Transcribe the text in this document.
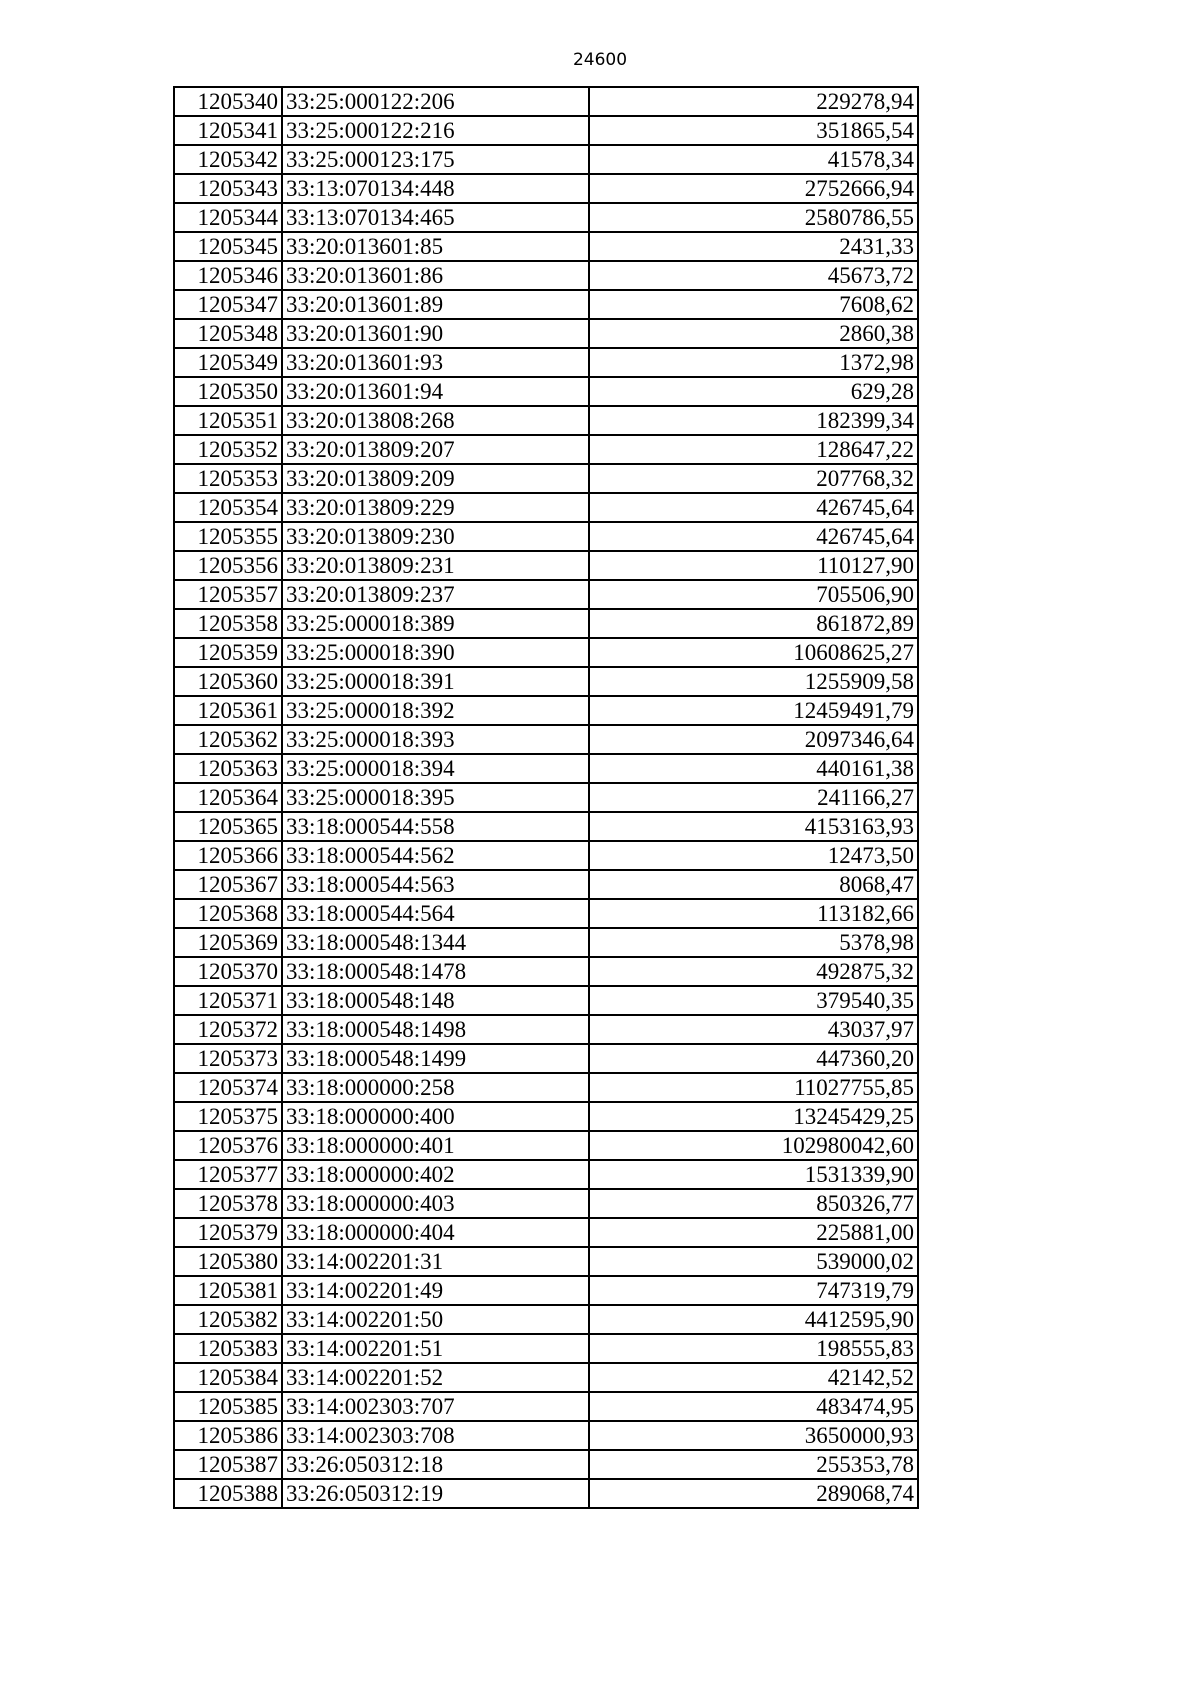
24600
1205340	33:25:000122:206	229278,94
1205341	33:25:000122:216	351865,54
1205342	33:25:000123:175	41578,34
1205343	33:13:070134:448	2752666,94
1205344	33:13:070134:465	2580786,55
1205345	33:20:013601:85	2431,33
1205346	33:20:013601:86	45673,72
1205347	33:20:013601:89	7608,62
1205348	33:20:013601:90	2860,38
1205349	33:20:013601:93	1372,98
1205350	33:20:013601:94	629,28
1205351	33:20:013808:268	182399,34
1205352	33:20:013809:207	128647,22
1205353	33:20:013809:209	207768,32
1205354	33:20:013809:229	426745,64
1205355	33:20:013809:230	426745,64
1205356	33:20:013809:231	110127,90
1205357	33:20:013809:237	705506,90
1205358	33:25:000018:389	861872,89
1205359	33:25:000018:390	10608625,27
1205360	33:25:000018:391	1255909,58
1205361	33:25:000018:392	12459491,79
1205362	33:25:000018:393	2097346,64
1205363	33:25:000018:394	440161,38
1205364	33:25:000018:395	241166,27
1205365	33:18:000544:558	4153163,93
1205366	33:18:000544:562	12473,50
1205367	33:18:000544:563	8068,47
1205368	33:18:000544:564	113182,66
1205369	33:18:000548:1344	5378,98
1205370	33:18:000548:1478	492875,32
1205371	33:18:000548:148	379540,35
1205372	33:18:000548:1498	43037,97
1205373	33:18:000548:1499	447360,20
1205374	33:18:000000:258	11027755,85
1205375	33:18:000000:400	13245429,25
1205376	33:18:000000:401	102980042,60
1205377	33:18:000000:402	1531339,90
1205378	33:18:000000:403	850326,77
1205379	33:18:000000:404	225881,00
1205380	33:14:002201:31	539000,02
1205381	33:14:002201:49	747319,79
1205382	33:14:002201:50	4412595,90
1205383	33:14:002201:51	198555,83
1205384	33:14:002201:52	42142,52
1205385	33:14:002303:707	483474,95
1205386	33:14:002303:708	3650000,93
1205387	33:26:050312:18	255353,78
1205388	33:26:050312:19	289068,74
